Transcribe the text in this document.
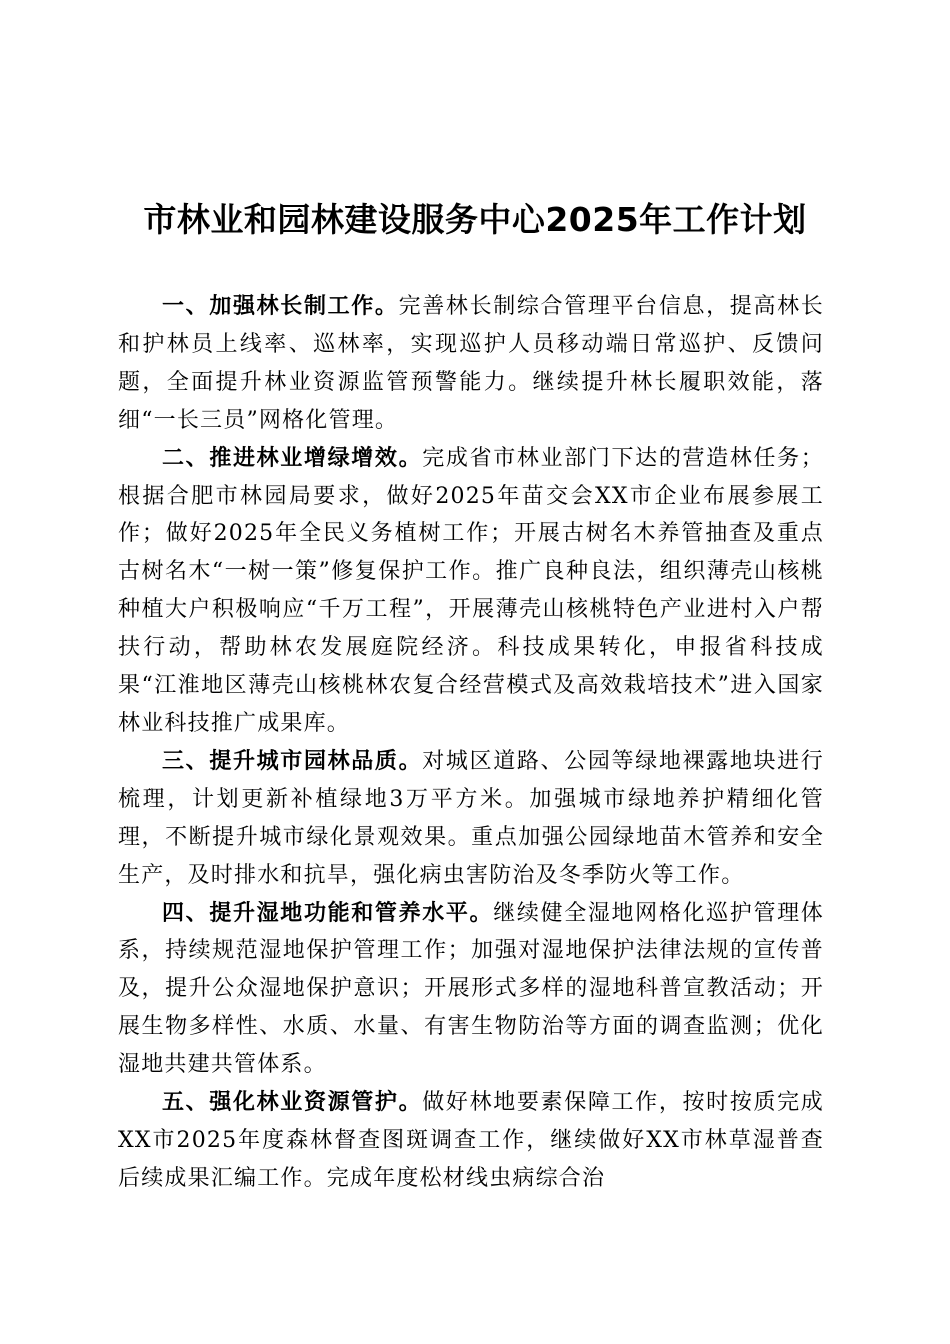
市林业和园林建设服务中心2025年工作计划

一、加强林长制工作。完善林长制综合管理平台信息，提高林长和护林员上线率、巡林率，实现巡护人员移动端日常巡护、反馈问题，全面提升林业资源监管预警能力。继续提升林长履职效能，落细“一长三员”网格化管理。

二、推进林业增绿增效。完成省市林业部门下达的营造林任务；根据合肥市林园局要求，做好2025年苗交会XX市企业布展参展工作；做好2025年全民义务植树工作；开展古树名木养管抽查及重点古树名木“一树一策”修复保护工作。推广良种良法，组织薄壳山核桃种植大户积极响应“千万工程”，开展薄壳山核桃特色产业进村入户帮扶行动，帮助林农发展庭院经济。科技成果转化，申报省科技成果“江淮地区薄壳山核桃林农复合经营模式及高效栽培技术”进入国家林业科技推广成果库。

三、提升城市园林品质。对城区道路、公园等绿地裸露地块进行梳理，计划更新补植绿地3万平方米。加强城市绿地养护精细化管理，不断提升城市绿化景观效果。重点加强公园绿地苗木管养和安全生产，及时排水和抗旱，强化病虫害防治及冬季防火等工作。

四、提升湿地功能和管养水平。继续健全湿地网格化巡护管理体系，持续规范湿地保护管理工作；加强对湿地保护法律法规的宣传普及，提升公众湿地保护意识；开展形式多样的湿地科普宣教活动；开展生物多样性、水质、水量、有害生物防治等方面的调查监测；优化湿地共建共管体系。

五、强化林业资源管护。做好林地要素保障工作，按时按质完成XX市2025年度森林督查图斑调查工作，继续做好XX市林草湿普查后续成果汇编工作。完成年度松材线虫病综合治
